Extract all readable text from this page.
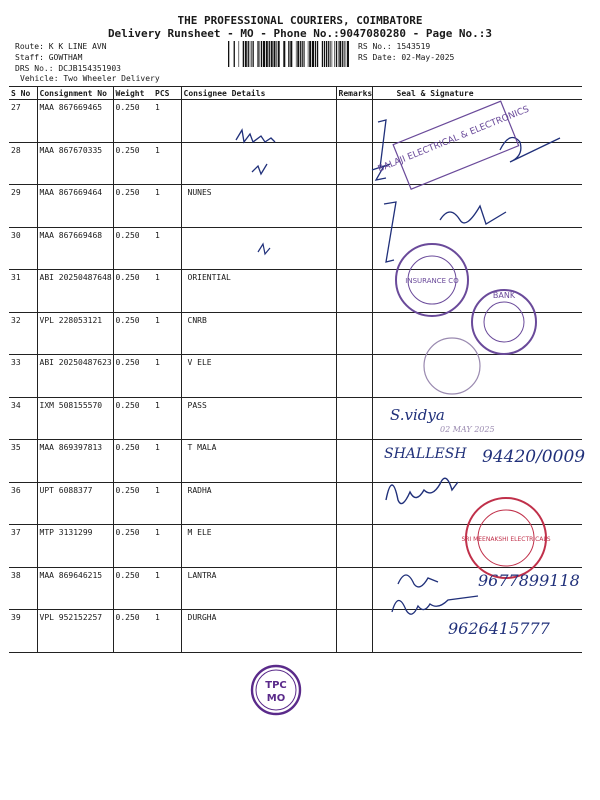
THE PROFESSIONAL COURIERS, COIMBATORE
Delivery Runsheet - MO - Phone No.:9047080280 - Page No.:3
Route: K K LINE AVN
Staff: GOWTHAM
DRS No.: DCJB154351903
Vehicle: Two Wheeler Delivery
RS No.: 1543519
RS Date: 02-May-2025
S No	Consignment No	Weight	PCS	Consignee Details	Remarks	Seal & Signature
27	MAA 867669465	0.250	1			
28	MAA 867670335	0.250	1			
29	MAA 867669464	0.250	1	NUNES		
30	MAA 867669468	0.250	1			
31	ABI 20250487648	0.250	1	ORIENTIAL		
32	VPL 228053121	0.250	1	CNRB		
33	ABI 20250487623	0.250	1	V ELE		
34	IXM 508155570	0.250	1	PASS		
35	MAA 869397813	0.250	1	T MALA		
36	UPT 6088377	0.250	1	RADHA		
37	MTP 3131299	0.250	1	M ELE		
38	MAA 869646215	0.250	1	LANTRA		
39	VPL 952152257	0.250	1	DURGHA		
BALAJI ELECTRICAL & ELECTRONICS
INSURANCE CO
BANK
S.vidya
02 MAY 2025
SHALLESH 94420/0009
SRI MEENAKSHI ELECTRICALS
9677899118
9626415777
TPC
MO
